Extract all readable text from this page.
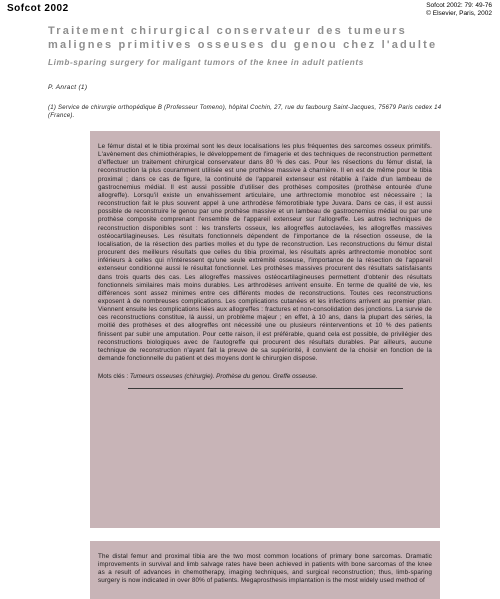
Sofcot 2002	Sofcot 2002: 79: 49-76
© Elsevier, Paris, 2002
Traitement chirurgical conservateur des tumeurs malignes primitives osseuses du genou chez l'adulte
Limb-sparing surgery for maligant tumors of the knee in adult patients
P. Anract (1)
(1) Service de chirurgie orthopédique B (Professeur Tomeno), hôpital Cochin, 27, rue du faubourg Saint-Jacques, 75679 Paris cedex 14 (France).

Le fémur distal et le tibia proximal sont les deux localisations les plus fréquentes des sarcomes osseux primitifs. L'avènement des chimiothérapies, le développement de l'imagerie et des techniques de reconstruction permettent d'effectuer un traitement chirurgical conservateur dans 80 % des cas. Pour les résections du fémur distal, la reconstruction la plus couramment utilisée est une prothèse massive à charnière. Il en est de même pour le tibia proximal ; dans ce cas de figure, la continuité de l'appareil extenseur est rétablie à l'aide d'un lambeau de gastrocnemius médial. Il est aussi possible d'utiliser des prothèses composites (prothèse entourée d'une allogreffe). Lorsqu'il existe un envahissement articulaire, une arthrectomie monobloc est nécessaire ; la reconstruction fait le plus souvent appel à une arthrodèse fémorotibiale type Juvara. Dans ce cas, il est aussi possible de reconstruire le genou par une prothèse massive et un lambeau de gastrocnemius médial ou par une prothèse composite comprenant l'ensemble de l'appareil extenseur sur l'allogreffe. Les autres techniques de reconstruction disponibles sont : les transferts osseux, les allogreffes autoclavées, les allogreffes massives ostéocartilagineuses. Les résultats fonctionnels dépendent de l'importance de la résection osseuse, de la localisation, de la résection des parties molles et du type de reconstruction. Les reconstructions du fémur distal procurent des meilleurs résultats que celles du tibia proximal, les résultats après arthrectomie monobloc sont inférieurs à celles qui n'intéressent qu'une seule extrémité osseuse, l'importance de la résection de l'appareil extenseur conditionne aussi le résultat fonctionnel. Les prothèses massives procurent des résultats satisfaisants dans trois quarts des cas. Les allogreffes massives ostéocartilagineuses permettent d'obtenir des résultats fonctionnels similaires mais moins durables. Les arthrodèses arrivent ensuite. En terme de qualité de vie, les différences sont assez minimes entre ces différents modes de reconstructions. Toutes ces reconstructions exposent à de nombreuses complications. Les complications cutanées et les infections arrivent au premier plan. Viennent ensuite les complications liées aux allogreffes : fractures et non-consolidation des jonctions. La survie de ces reconstructions constitue, là aussi, un problème majeur ; en effet, à 10 ans, dans la plupart des séries, la moitié des prothèses et des allogreffes ont nécessité une ou plusieurs réinterventions et 10 % des patients finissent par subir une amputation. Pour cette raison, il est préférable, quand cela est possible, de privilégier des reconstructions biologiques avec de l'autogreffe qui procurent des résultats durables. Par ailleurs, aucune technique de reconstruction n'ayant fait la preuve de sa supériorité, il convient de la choisir en fonction de la demande fonctionnelle du patient et des moyens dont le chirurgien dispose.

Mots clés : Tumeurs osseuses (chirurgie). Prothèse du genou. Greffe osseuse.

The distal femur and proximal tibia are the two most common locations of primary bone sarcomas. Dramatic improvements in survival and limb salvage rates have been achieved in patients with bone sarcomas of the knee as a result of advances in chemotherapy, imaging techniques, and surgical reconstruction; thus, limb-sparing surgery is now indicated in over 80% of patients. Megaprosthesis implantation is the most widely used method of
